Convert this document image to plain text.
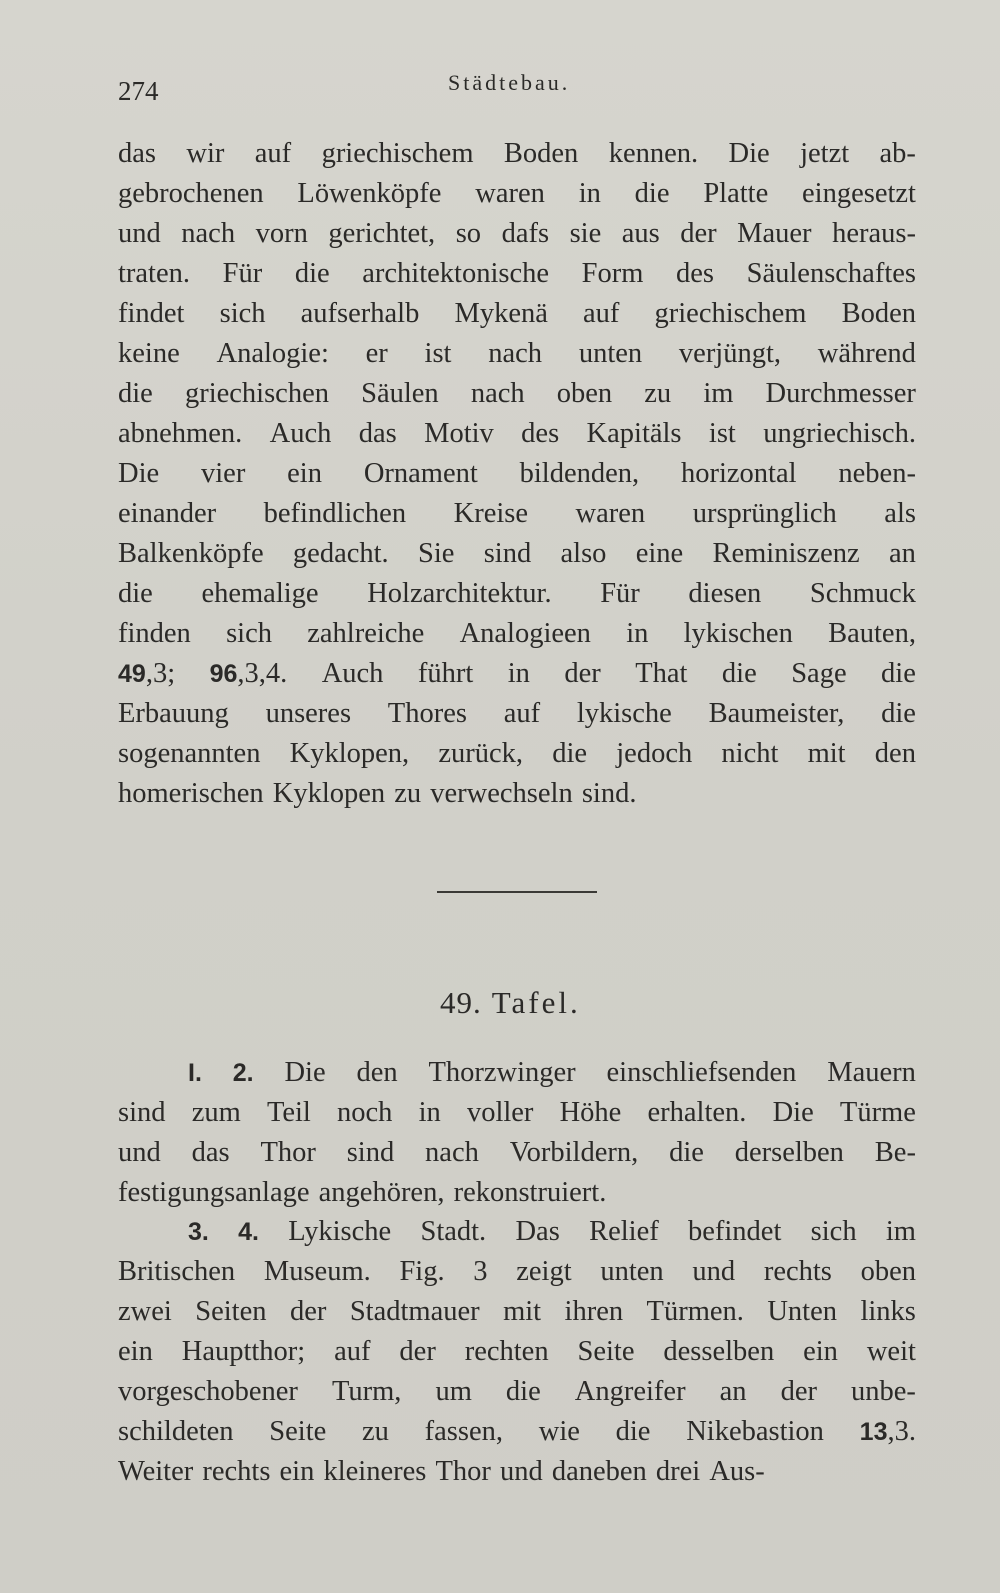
274	Städtebau.
das wir auf griechischem Boden kennen. Die jetzt ab-
gebrochenen Löwenköpfe waren in die Platte eingesetzt
und nach vorn gerichtet, so dafs sie aus der Mauer heraus-
traten. Für die architektonische Form des Säulenschaftes
findet sich aufserhalb Mykenä auf griechischem Boden
keine Analogie: er ist nach unten verjüngt, während
die griechischen Säulen nach oben zu im Durchmesser
abnehmen. Auch das Motiv des Kapitäls ist ungriechisch.
Die vier ein Ornament bildenden, horizontal neben-
einander befindlichen Kreise waren ursprünglich als
Balkenköpfe gedacht. Sie sind also eine Reminiszenz an
die ehemalige Holzarchitektur. Für diesen Schmuck
finden sich zahlreiche Analogieen in lykischen Bauten,
49,3; 96,3,4. Auch führt in der That die Sage die
Erbauung unseres Thores auf lykische Baumeister, die
sogenannten Kyklopen, zurück, die jedoch nicht mit den
homerischen Kyklopen zu verwechseln sind.
49. Tafel.
I. 2. Die den Thorzwinger einschliefsenden Mauern
sind zum Teil noch in voller Höhe erhalten. Die Türme
und das Thor sind nach Vorbildern, die derselben Be-
festigungsanlage angehören, rekonstruiert.
3. 4. Lykische Stadt. Das Relief befindet sich im
Britischen Museum. Fig. 3 zeigt unten und rechts oben
zwei Seiten der Stadtmauer mit ihren Türmen. Unten links
ein Hauptthor; auf der rechten Seite desselben ein weit
vorgeschobener Turm, um die Angreifer an der unbe-
schildeten Seite zu fassen, wie die Nikebastion 13,3.
Weiter rechts ein kleineres Thor und daneben drei Aus-
